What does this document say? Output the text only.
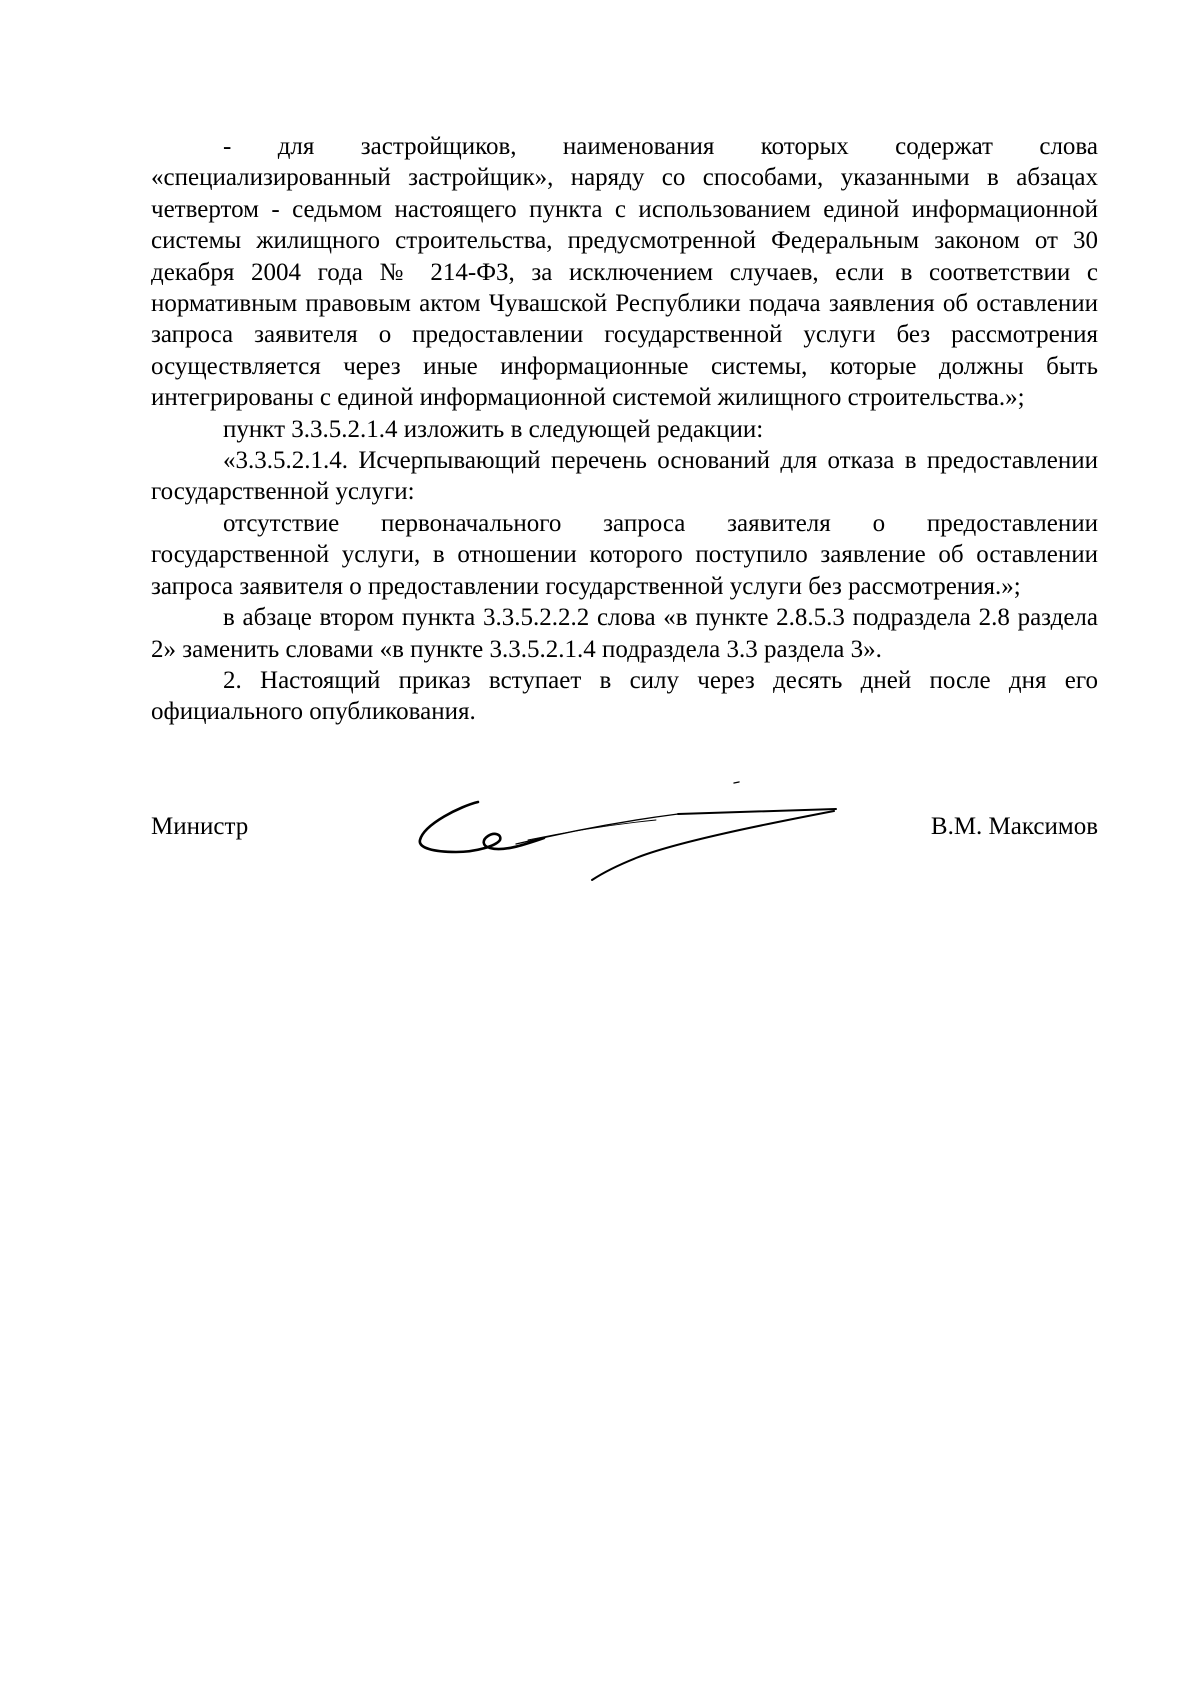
- для застройщиков, наименования которых содержат слова «специализированный застройщик», наряду со способами, указанными в абзацах четвертом - седьмом настоящего пункта с использованием единой информационной системы жилищного строительства, предусмотренной Федеральным законом от 30 декабря 2004 года № 214-ФЗ, за исключением случаев, если в соответствии с нормативным правовым актом Чувашской Республики подача заявления об оставлении запроса заявителя о предоставлении государственной услуги без рассмотрения осуществляется через иные информационные системы, которые должны быть интегрированы с единой информационной системой жилищного строительства.»;

пункт 3.3.5.2.1.4 изложить в следующей редакции:

«3.3.5.2.1.4. Исчерпывающий перечень оснований для отказа в предоставлении государственной услуги:

отсутствие первоначального запроса заявителя о предоставлении государственной услуги, в отношении которого поступило заявление об оставлении запроса заявителя о предоставлении государственной услуги без рассмотрения.»;

в абзаце втором пункта 3.3.5.2.2.2 слова «в пункте 2.8.5.3 подраздела 2.8 раздела 2» заменить словами «в пункте 3.3.5.2.1.4 подраздела 3.3 раздела 3».

2. Настоящий приказ вступает в силу через десять дней после дня его официального опубликования.

Министр	В.М. Максимов
